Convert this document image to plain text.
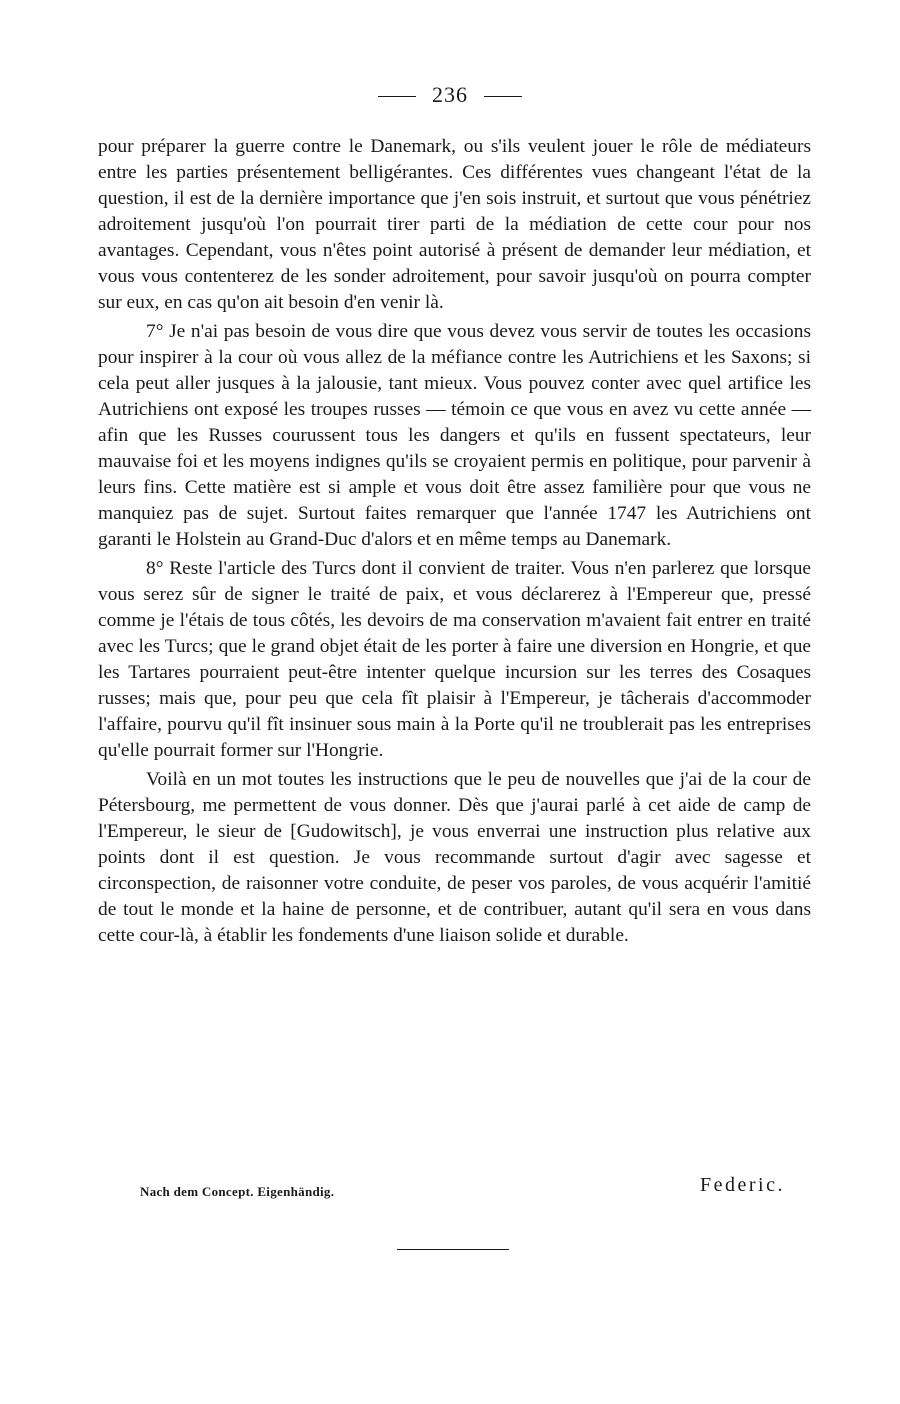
236

pour préparer la guerre contre le Danemark, ou s'ils veulent jouer le rôle de médiateurs entre les parties présentement belligérantes. Ces différentes vues changeant l'état de la question, il est de la dernière importance que j'en sois instruit, et surtout que vous pénétriez adroitement jusqu'où l'on pourrait tirer parti de la médiation de cette cour pour nos avantages. Cependant, vous n'êtes point autorisé à présent de demander leur médiation, et vous vous contenterez de les sonder adroitement, pour savoir jusqu'où on pourra compter sur eux, en cas qu'on ait besoin d'en venir là.

7° Je n'ai pas besoin de vous dire que vous devez vous servir de toutes les occasions pour inspirer à la cour où vous allez de la méfiance contre les Autrichiens et les Saxons; si cela peut aller jusques à la jalousie, tant mieux. Vous pouvez conter avec quel artifice les Autrichiens ont exposé les troupes russes — témoin ce que vous en avez vu cette année — afin que les Russes courussent tous les dangers et qu'ils en fussent spectateurs, leur mauvaise foi et les moyens indignes qu'ils se croyaient permis en politique, pour parvenir à leurs fins. Cette matière est si ample et vous doit être assez familière pour que vous ne manquiez pas de sujet. Surtout faites remarquer que l'année 1747 les Autrichiens ont garanti le Holstein au Grand-Duc d'alors et en même temps au Danemark.

8° Reste l'article des Turcs dont il convient de traiter. Vous n'en parlerez que lorsque vous serez sûr de signer le traité de paix, et vous déclarerez à l'Empereur que, pressé comme je l'étais de tous côtés, les devoirs de ma conservation m'avaient fait entrer en traité avec les Turcs; que le grand objet était de les porter à faire une diversion en Hongrie, et que les Tartares pourraient peut-être intenter quelque incursion sur les terres des Cosaques russes; mais que, pour peu que cela fît plaisir à l'Empereur, je tâcherais d'accommoder l'affaire, pourvu qu'il fît insinuer sous main à la Porte qu'il ne troublerait pas les entreprises qu'elle pourrait former sur l'Hongrie.

Voilà en un mot toutes les instructions que le peu de nouvelles que j'ai de la cour de Pétersbourg, me permettent de vous donner. Dès que j'aurai parlé à cet aide de camp de l'Empereur, le sieur de [Gudowitsch], je vous enverrai une instruction plus relative aux points dont il est question. Je vous recommande surtout d'agir avec sagesse et circonspection, de raisonner votre conduite, de peser vos paroles, de vous acquérir l'amitié de tout le monde et la haine de personne, et de contribuer, autant qu'il sera en vous dans cette cour-là, à établir les fondements d'une liaison solide et durable.

Nach dem Concept. Eigenhändig.	Federic.
